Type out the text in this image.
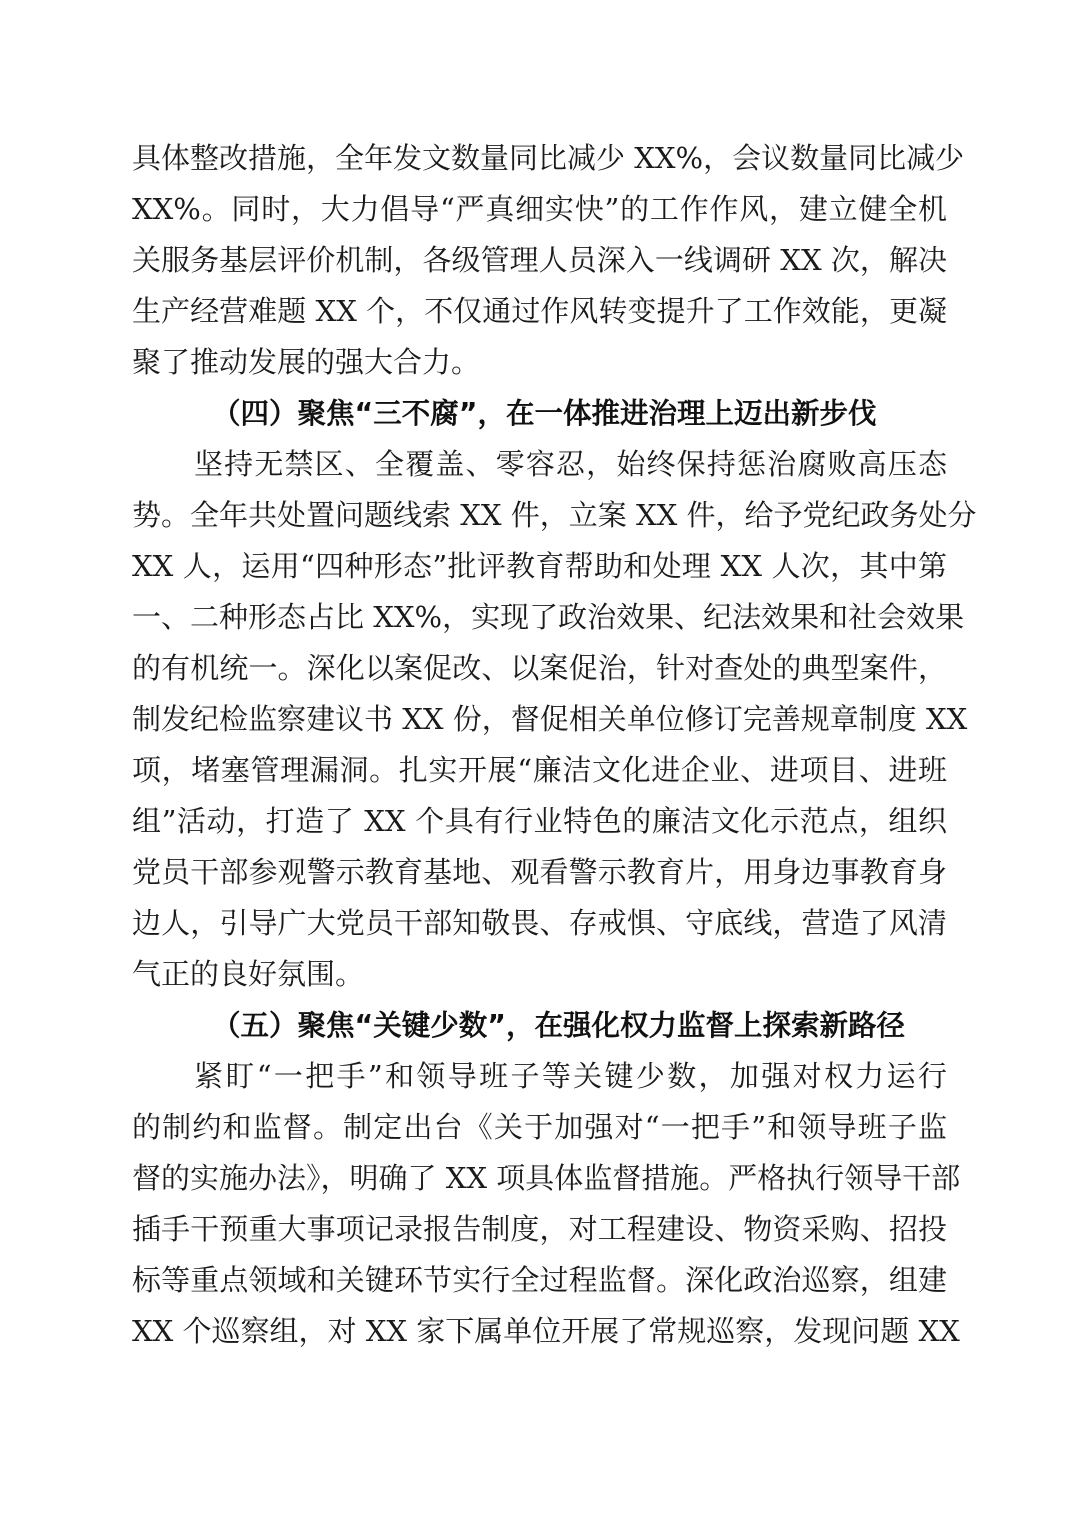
具体整改措施，全年发文数量同比减少 XX%，会议数量同比减少
XX%。同时，大力倡导“严真细实快”的工作作风，建立健全机
关服务基层评价机制，各级管理人员深入一线调研 XX 次，解决
生产经营难题 XX 个，不仅通过作风转变提升了工作效能，更凝
聚了推动发展的强大合力。
（四）聚焦“三不腐”，在一体推进治理上迈出新步伐
坚持无禁区、全覆盖、零容忍，始终保持惩治腐败高压态
势。全年共处置问题线索 XX 件，立案 XX 件，给予党纪政务处分
XX 人，运用“四种形态”批评教育帮助和处理 XX 人次，其中第
一、二种形态占比 XX%，实现了政治效果、纪法效果和社会效果
的有机统一。深化以案促改、以案促治，针对查处的典型案件，
制发纪检监察建议书 XX 份，督促相关单位修订完善规章制度 XX
项，堵塞管理漏洞。扎实开展“廉洁文化进企业、进项目、进班
组”活动，打造了 XX 个具有行业特色的廉洁文化示范点，组织
党员干部参观警示教育基地、观看警示教育片，用身边事教育身
边人，引导广大党员干部知敬畏、存戒惧、守底线，营造了风清
气正的良好氛围。
（五）聚焦“关键少数”，在强化权力监督上探索新路径
紧盯“一把手”和领导班子等关键少数，加强对权力运行
的制约和监督。制定出台《关于加强对“一把手”和领导班子监
督的实施办法》，明确了 XX 项具体监督措施。严格执行领导干部
插手干预重大事项记录报告制度，对工程建设、物资采购、招投
标等重点领域和关键环节实行全过程监督。深化政治巡察，组建
XX 个巡察组，对 XX 家下属单位开展了常规巡察，发现问题 XX
